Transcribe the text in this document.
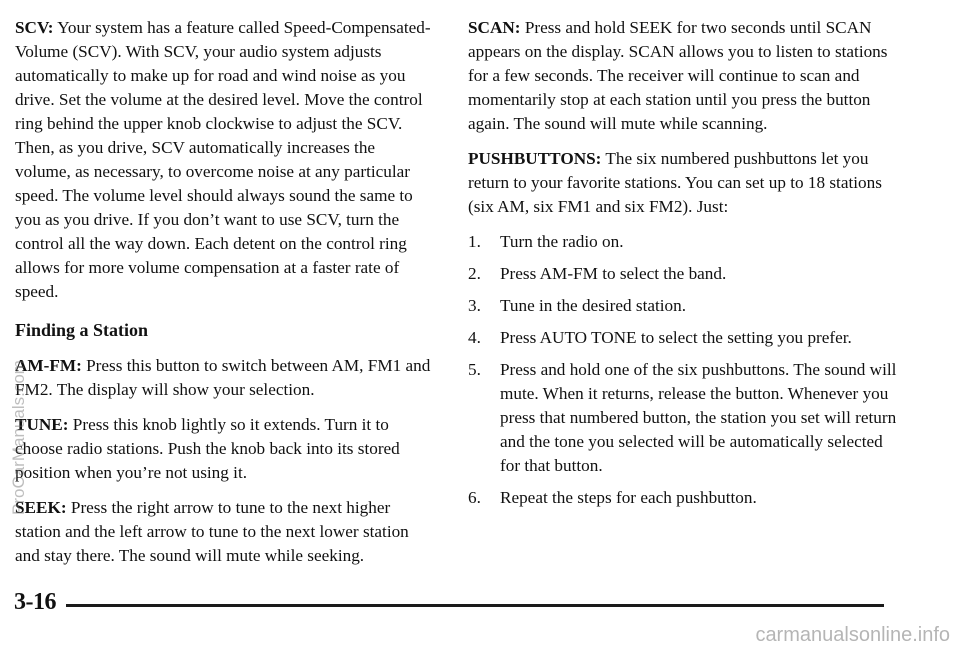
SCV: Your system has a feature called Speed-Compensated-Volume (SCV). With SCV, your audio system adjusts automatically to make up for road and wind noise as you drive. Set the volume at the desired level. Move the control ring behind the upper knob clockwise to adjust the SCV. Then, as you drive, SCV automatically increases the volume, as necessary, to overcome noise at any particular speed. The volume level should always sound the same to you as you drive. If you don’t want to use SCV, turn the control all the way down. Each detent on the control ring allows for more volume compensation at a faster rate of speed.

Finding a Station

AM-FM: Press this button to switch between AM, FM1 and FM2. The display will show your selection.

TUNE: Press this knob lightly so it extends. Turn it to choose radio stations. Push the knob back into its stored position when you’re not using it.

SEEK: Press the right arrow to tune to the next higher station and the left arrow to tune to the next lower station and stay there. The sound will mute while seeking.

SCAN: Press and hold SEEK for two seconds until SCAN appears on the display. SCAN allows you to listen to stations for a few seconds. The receiver will continue to scan and momentarily stop at each station until you press the button again. The sound will mute while scanning.

PUSHBUTTONS: The six numbered pushbuttons let you return to your favorite stations. You can set up to 18 stations (six AM, six FM1 and six FM2). Just:

1. Turn the radio on.
2. Press AM-FM to select the band.
3. Tune in the desired station.
4. Press AUTO TONE to select the setting you prefer.
5. Press and hold one of the six pushbuttons. The sound will mute. When it returns, release the button. Whenever you press that numbered button, the station you set will return and the tone you selected will be automatically selected for that button.
6. Repeat the steps for each pushbutton.
3-16
ProCarManuals.com
carmanualsonline.info
